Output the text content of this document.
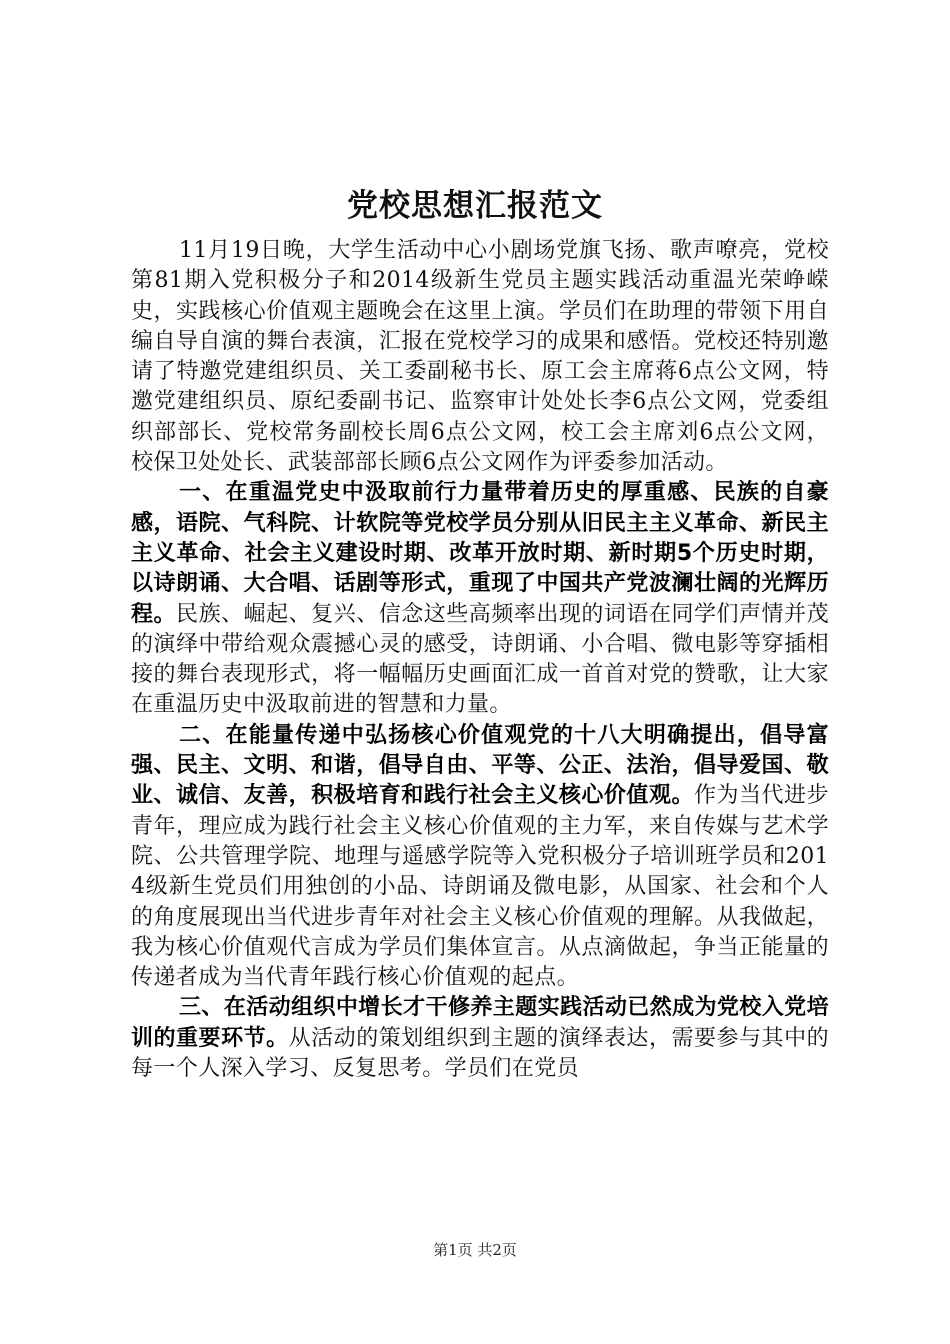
党校思想汇报范文

11月19日晚，大学生活动中心小剧场党旗飞扬、歌声嘹亮，党校第81期入党积极分子和2014级新生党员主题实践活动重温光荣峥嵘史，实践核心价值观主题晚会在这里上演。学员们在助理的带领下用自编自导自演的舞台表演，汇报在党校学习的成果和感悟。党校还特别邀请了特邀党建组织员、关工委副秘书长、原工会主席蒋6点公文网，特邀党建组织员、原纪委副书记、监察审计处处长李6点公文网，党委组织部部长、党校常务副校长周6点公文网，校工会主席刘6点公文网，校保卫处处长、武装部部长顾6点公文网作为评委参加活动。

一、在重温党史中汲取前行力量带着历史的厚重感、民族的自豪感，语院、气科院、计软院等党校学员分别从旧民主主义革命、新民主主义革命、社会主义建设时期、改革开放时期、新时期5个历史时期，以诗朗诵、大合唱、话剧等形式，重现了中国共产党波澜壮阔的光辉历程。民族、崛起、复兴、信念这些高频率出现的词语在同学们声情并茂的演绎中带给观众震撼心灵的感受，诗朗诵、小合唱、微电影等穿插相接的舞台表现形式，将一幅幅历史画面汇成一首首对党的赞歌，让大家在重温历史中汲取前进的智慧和力量。

二、在能量传递中弘扬核心价值观党的十八大明确提出，倡导富强、民主、文明、和谐，倡导自由、平等、公正、法治，倡导爱国、敬业、诚信、友善，积极培育和践行社会主义核心价值观。作为当代进步青年，理应成为践行社会主义核心价值观的主力军，来自传媒与艺术学院、公共管理学院、地理与遥感学院等入党积极分子培训班学员和2014级新生党员们用独创的小品、诗朗诵及微电影，从国家、社会和个人的角度展现出当代进步青年对社会主义核心价值观的理解。从我做起，我为核心价值观代言成为学员们集体宣言。从点滴做起，争当正能量的传递者成为当代青年践行核心价值观的起点。

三、在活动组织中增长才干修养主题实践活动已然成为党校入党培训的重要环节。从活动的策划组织到主题的演绎表达，需要参与其中的每一个人深入学习、反复思考。学员们在党员

第1页 共2页
